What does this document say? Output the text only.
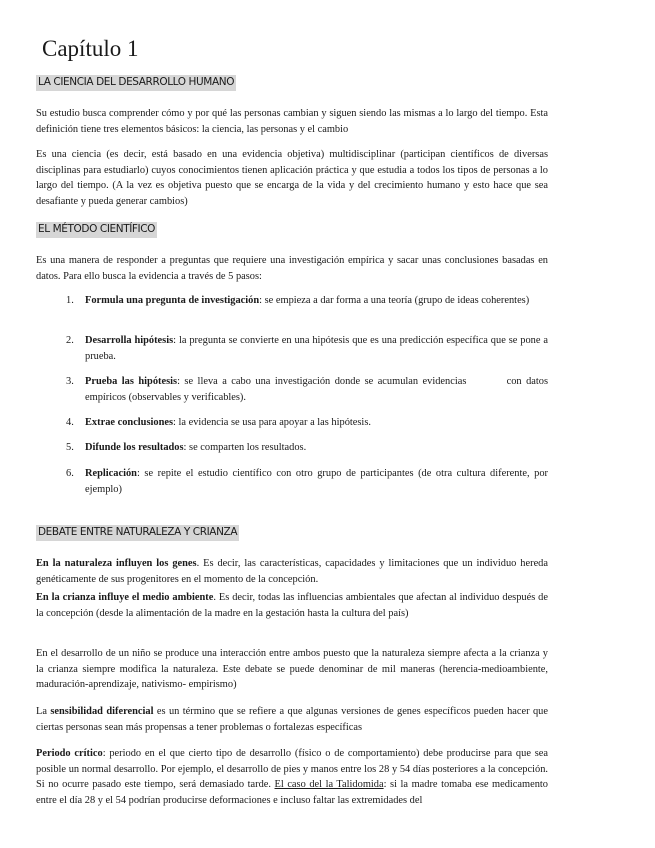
Capítulo 1
LA CIENCIA DEL DESARROLLO HUMANO

Su estudio busca comprender cómo y por qué las personas cambian y siguen siendo las mismas a lo largo del tiempo. Esta definición tiene tres elementos básicos: la ciencia, las personas y el cambio

Es una ciencia (es decir, está basado en una evidencia objetiva) multidisciplinar (participan científicos de diversas disciplinas para estudiarlo) cuyos conocimientos tienen aplicación práctica y que estudia a todos los tipos de personas a lo largo del tiempo. (A la vez es objetiva puesto que se encarga de la vida y del crecimiento humano y esto hace que sea desafiante y pueda generar cambios)

EL MÉTODO CIENTÍFICO

Es una manera de responder a preguntas que requiere una investigación empírica y sacar unas conclusiones basadas en datos. Para ello busca la evidencia a través de 5 pasos:

1.	Formula una pregunta de investigación: se empieza a dar forma a una teoría (grupo de ideas coherentes)
2.	Desarrolla hipótesis: la pregunta se convierte en una hipótesis que es una predicción específica que se pone a prueba.
3.	Prueba las hipótesis: se lleva a cabo una investigación donde se acumulan evidencias         con datos empíricos (observables y verificables).
4.	Extrae conclusiones: la evidencia se usa para apoyar a las hipótesis.
5.	Difunde los resultados: se comparten los resultados.
6.	Replicación: se repite el estudio científico con otro grupo de participantes (de otra cultura diferente, por ejemplo)
DEBATE ENTRE NATURALEZA Y CRIANZA

En la naturaleza influyen los genes. Es decir, las características, capacidades y limitaciones que un individuo hereda genéticamente de sus progenitores en el momento de la concepción.

En la crianza influye el medio ambiente. Es decir, todas las influencias ambientales que afectan al individuo después de la concepción (desde la alimentación de la madre en la gestación hasta la cultura del país)

En el desarrollo de un niño se produce una interacción entre ambos puesto que la naturaleza siempre afecta a la crianza y la crianza siempre modifica la naturaleza. Este debate se puede denominar de mil maneras (herencia-medioambiente, maduración-aprendizaje, nativismo- empirismo)

La sensibilidad diferencial es un término que se refiere a que algunas versiones de genes específicos pueden hacer que ciertas personas sean más propensas a tener problemas o fortalezas específicas

Periodo crítico: periodo en el que cierto tipo de desarrollo (físico o de comportamiento) debe producirse para que sea posible un normal desarrollo. Por ejemplo, el desarrollo de pies y manos entre los 28 y 54 días posteriores a la concepción. Si no ocurre pasado este tiempo, será demasiado tarde. El caso del la Talidomida: si la madre tomaba ese medicamento entre el día 28 y el 54 podrían producirse deformaciones e incluso faltar las extremidades del
